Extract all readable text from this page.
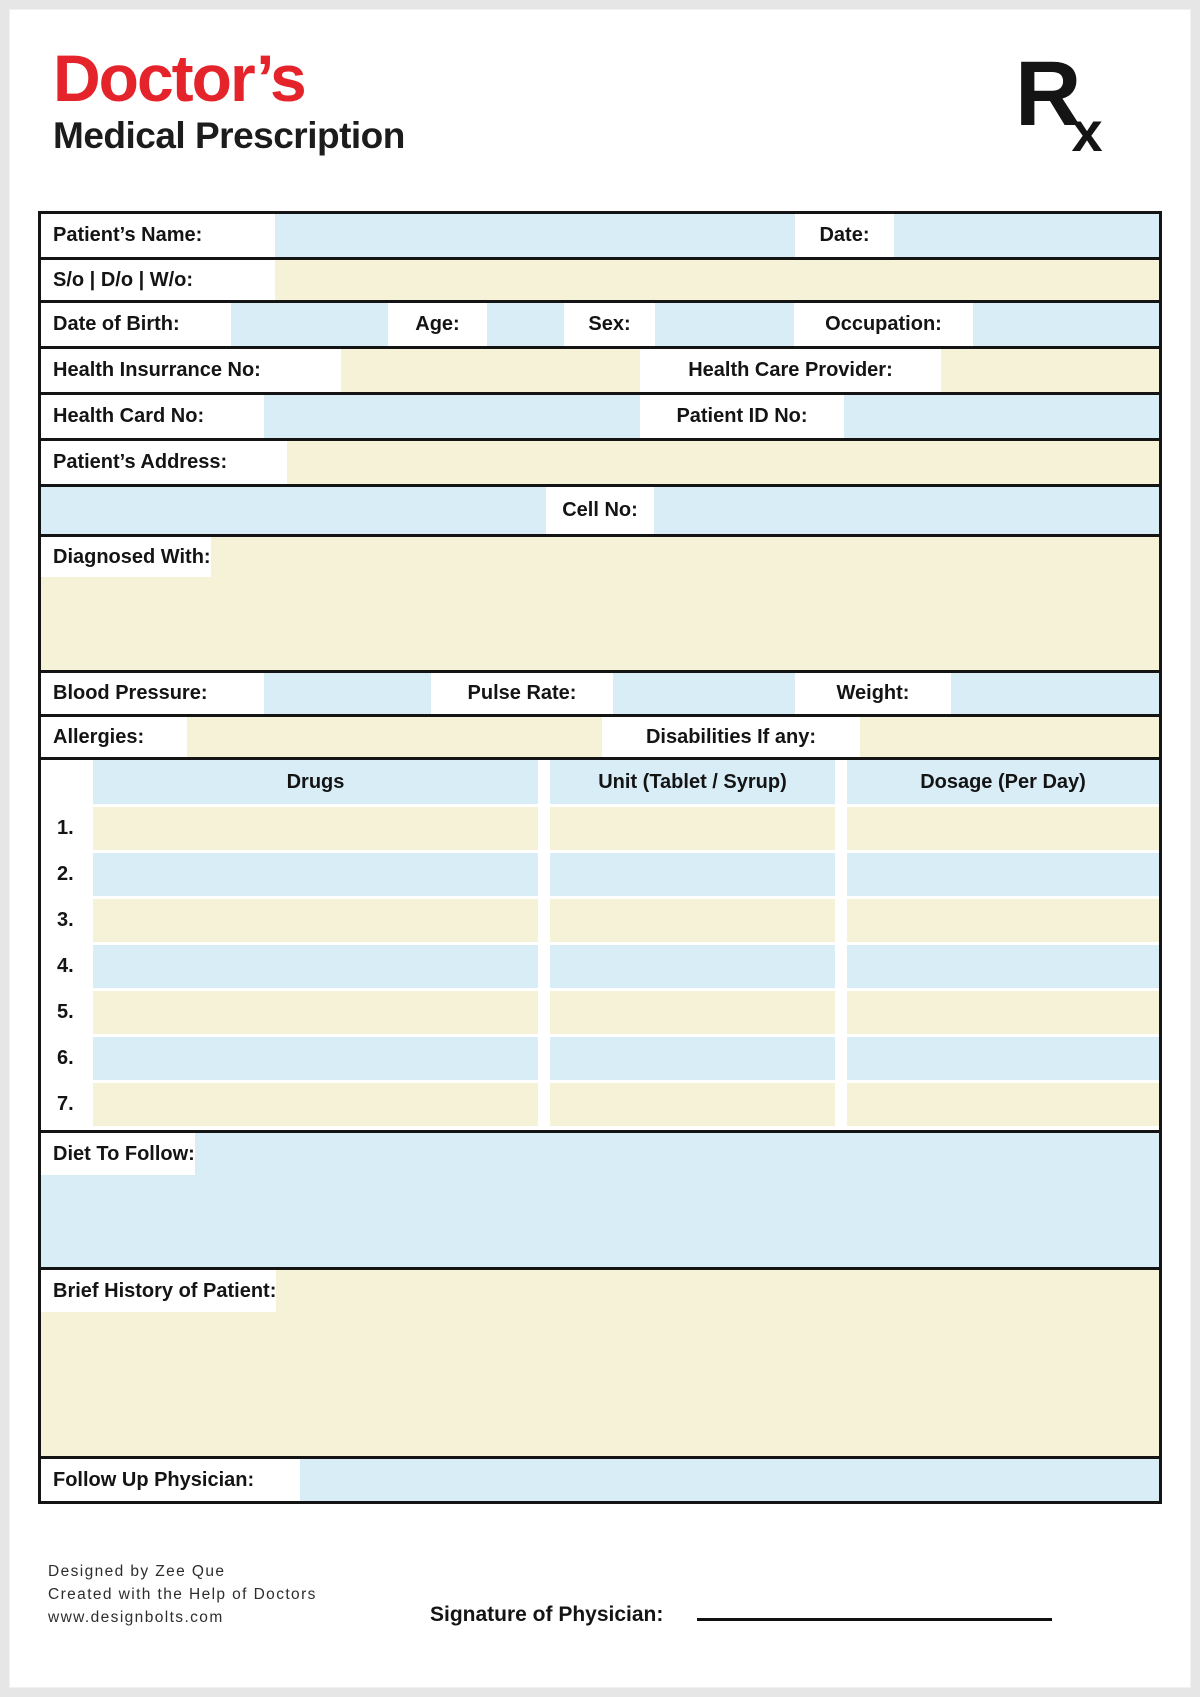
Doctor’s
Medical Prescription	Rx
Patient’s Name:	Date:
S/o | D/o | W/o:
Date of Birth:	Age:	Sex:	Occupation:
Health Insurrance No:	Health Care Provider:
Health Card No:	Patient ID No:
Patient’s Address:
Cell No:
Diagnosed With:
Blood Pressure:	Pulse Rate:	Weight:
Allergies:	Disabilities If any:
Drugs	Unit (Tablet / Syrup)	Dosage (Per Day)
1.
2.
3.
4.
5.
6.
7.
Diet To Follow:
Brief History of Patient:
Follow Up Physician:
Designed by Zee Que
Created with the Help of Doctors
www.designbolts.com	Signature of Physician:
